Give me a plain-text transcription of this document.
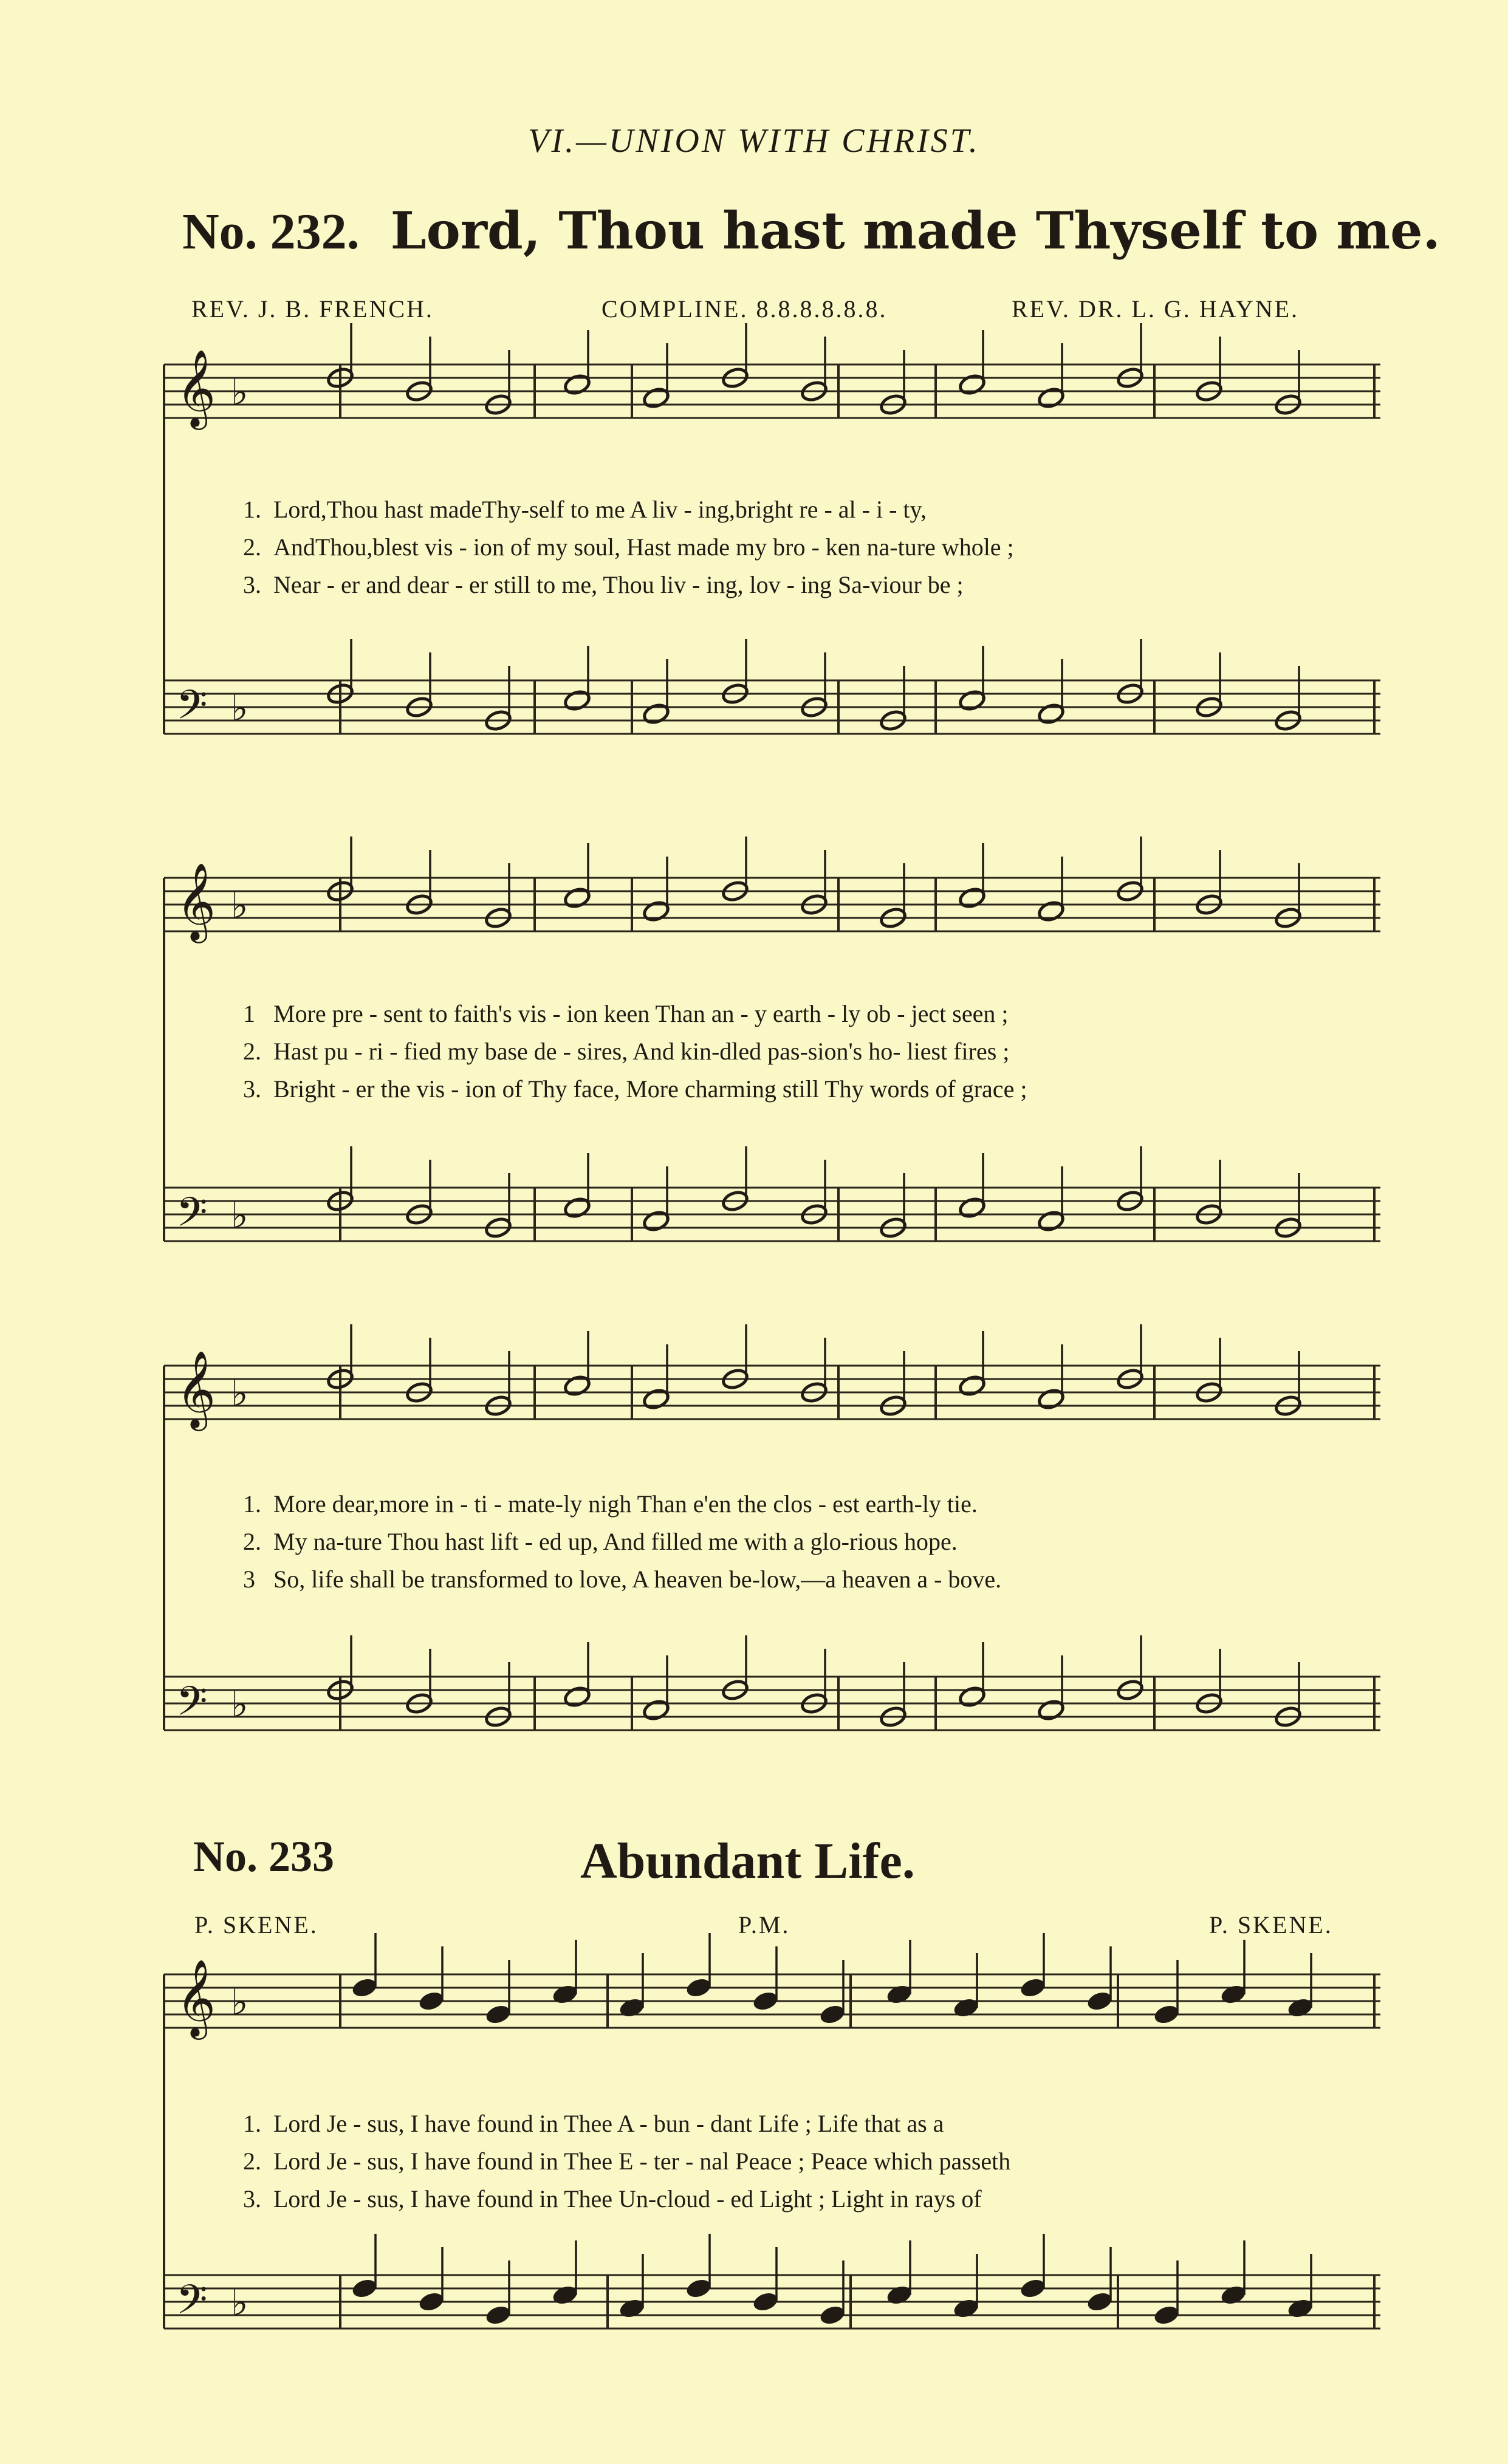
VI.—UNION WITH CHRIST.
No. 232. Lord, Thou hast made Thyself to me.
REV. J. B. FRENCH.	COMPLINE. 8.8.8.8.8.8.	REV. DR. L. G. HAYNE.
𝄞 ♭
𝄢 ♭
𝄞 ♭
𝄢 ♭
𝄞 ♭
𝄢 ♭
𝄞 ♭
𝄢 ♭
1. Lord,Thou hast madeThy-self to me A liv - ing,bright re - al - i - ty,
2. AndThou,blest vis - ion of my soul, Hast made my bro - ken na-ture whole ;
3. Near - er and dear - er still to me, Thou liv - ing, lov - ing Sa-viour be ;
1 More pre - sent to faith's vis - ion keen Than an - y earth - ly ob - ject seen ;
2. Hast pu - ri - fied my base de - sires, And kin-dled pas-sion's ho- liest fires ;
3. Bright - er the vis - ion of Thy face, More charming still Thy words of grace ;
1. More dear,more in - ti - mate-ly nigh Than e'en the clos - est earth-ly tie.
2. My na-ture Thou hast lift - ed up, And filled me with a glo-rious hope.
3 So, life shall be transformed to love, A heaven be-low,—a heaven a - bove.
No. 233	Abundant Life.
P. SKENE.	P.M.	P. SKENE.
1. Lord Je - sus, I have found in Thee A - bun - dant Life ; Life that as a
2. Lord Je - sus, I have found in Thee E - ter - nal Peace ; Peace which passeth
3. Lord Je - sus, I have found in Thee Un-cloud - ed Light ; Light in rays of
